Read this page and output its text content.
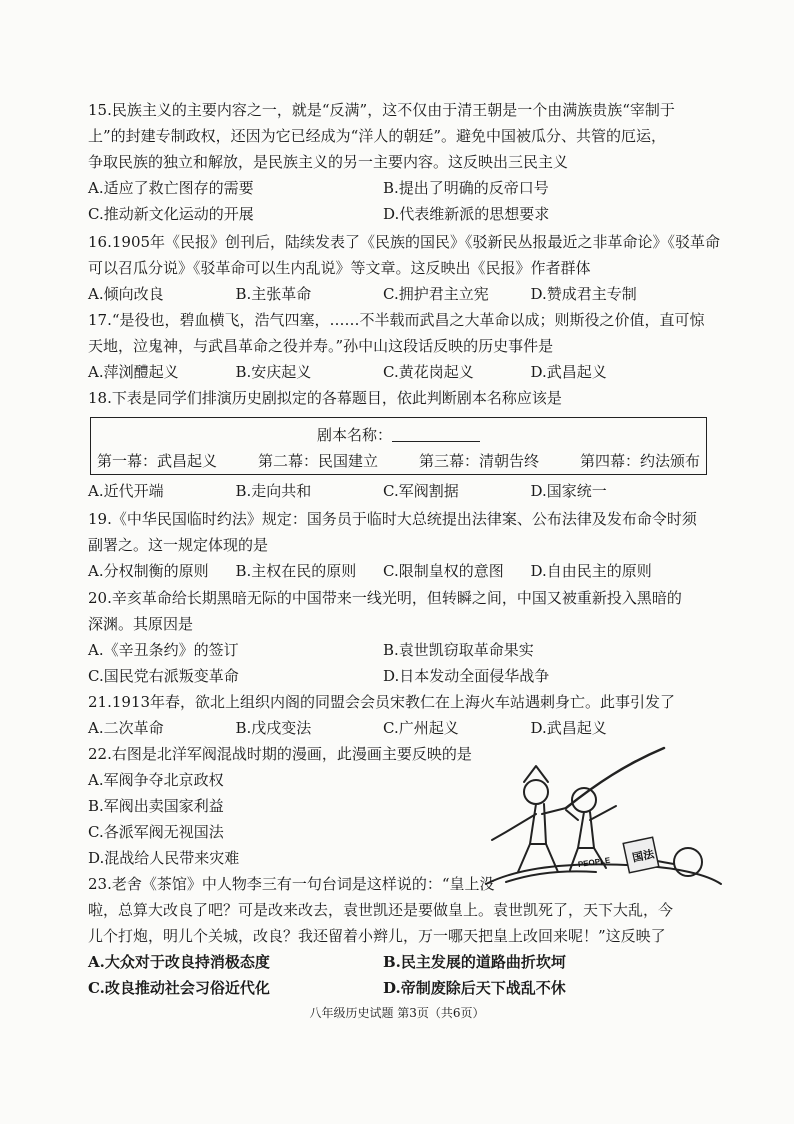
15.民族主义的主要内容之一，就是“反满”，这不仅由于清王朝是一个由满族贵族“宰制于

上”的封建专制政权，还因为它已经成为“洋人的朝廷”。避免中国被瓜分、共管的厄运，

争取民族的独立和解放，是民族主义的另一主要内容。这反映出三民主义

A.适应了救亡图存的需要	B.提出了明确的反帝口号
C.推动新文化运动的开展	D.代表维新派的思想要求

16.1905年《民报》创刊后，陆续发表了《民族的国民》《驳新民丛报最近之非革命论》《驳革命

可以召瓜分说》《驳革命可以生内乱说》等文章。这反映出《民报》作者群体

A.倾向改良	B.主张革命	C.拥护君主立宪	D.赞成君主专制

17.“是役也，碧血横飞，浩气四塞，……不半载而武昌之大革命以成；则斯役之价值，直可惊

天地，泣鬼神，与武昌革命之役并寿。”孙中山这段话反映的历史事件是

A.萍浏醴起义	B.安庆起义	C.黄花岗起义	D.武昌起义

18.下表是同学们排演历史剧拟定的各幕题目，依此判断剧本名称应该是

剧本名称：
第一幕：武昌起义	第二幕：民国建立	第三幕：清朝告终	第四幕：约法颁布
A.近代开端	B.走向共和	C.军阀割据	D.国家统一

19.《中华民国临时约法》规定：国务员于临时大总统提出法律案、公布法律及发布命令时须

副署之。这一规定体现的是

A.分权制衡的原则	B.主权在民的原则	C.限制皇权的意图	D.自由民主的原则

20.辛亥革命给长期黑暗无际的中国带来一线光明，但转瞬之间，中国又被重新投入黑暗的

深渊。其原因是

A.《辛丑条约》的签订	B.袁世凯窃取革命果实
C.国民党右派叛变革命	D.日本发动全面侵华战争

21.1913年春，欲北上组织内阁的同盟会会员宋教仁在上海火车站遇刺身亡。此事引发了

A.二次革命	B.戊戌变法	C.广州起义	D.武昌起义

22.右图是北洋军阀混战时期的漫画，此漫画主要反映的是

A.军阀争夺北京政权
B.军阀出卖国家利益
C.各派军阀无视国法
D.混战给人民带来灾难	国法
PEOPLE

23.老舍《茶馆》中人物李三有一句台词是这样说的：“皇上没

啦，总算大改良了吧？可是改来改去，袁世凯还是要做皇上。袁世凯死了，天下大乱，今

儿个打炮，明儿个关城，改良？我还留着小辫儿，万一哪天把皇上改回来呢！”这反映了

A.大众对于改良持消极态度	B.民主发展的道路曲折坎坷
C.改良推动社会习俗近代化	D.帝制废除后天下战乱不休
八年级历史试题 第3页（共6页）
